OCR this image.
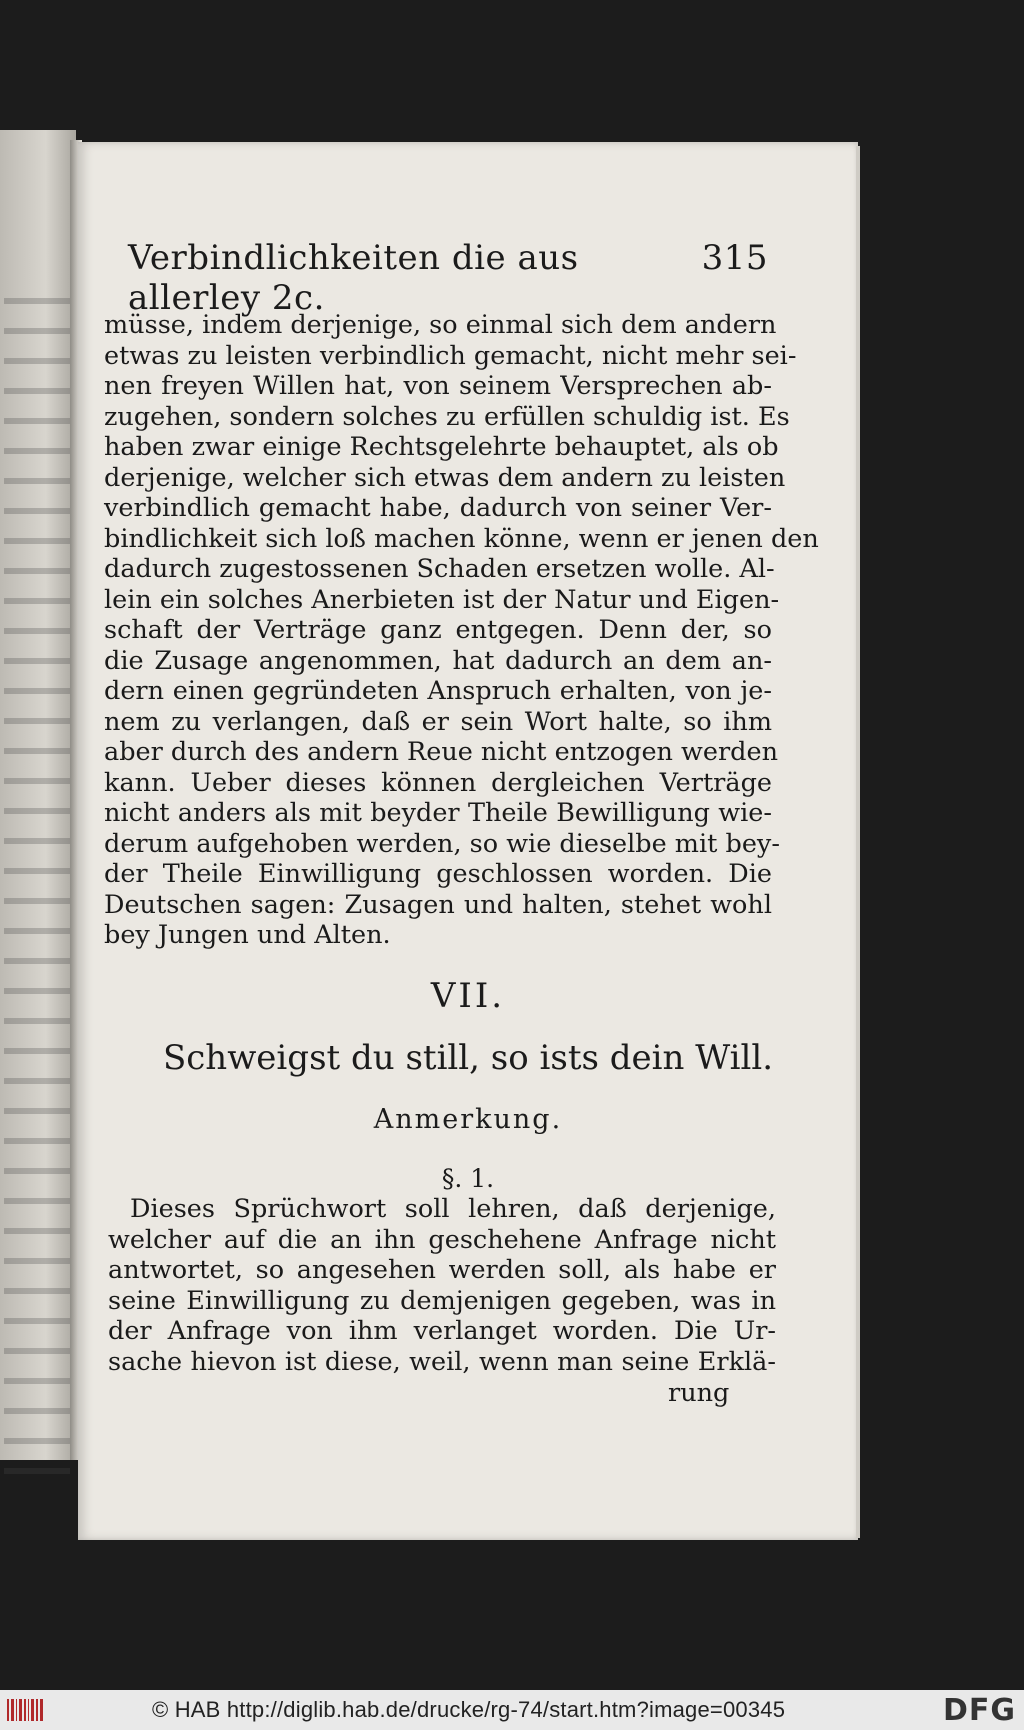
Verbindlichkeiten die aus allerley 2c.
315
müsse, indem derjenige, so einmal sich dem andern
etwas zu leisten verbindlich gemacht, nicht mehr sei-
nen freyen Willen hat, von seinem Versprechen ab-
zugehen, sondern solches zu erfüllen schuldig ist. Es
haben zwar einige Rechtsgelehrte behauptet, als ob
derjenige, welcher sich etwas dem andern zu leisten
verbindlich gemacht habe, dadurch von seiner Ver-
bindlichkeit sich loß machen könne, wenn er jenen den
dadurch zugestossenen Schaden ersetzen wolle. Al-
lein ein solches Anerbieten ist der Natur und Eigen-
schaft der Verträge ganz entgegen. Denn der, so
die Zusage angenommen, hat dadurch an dem an-
dern einen gegründeten Anspruch erhalten, von je-
nem zu verlangen, daß er sein Wort halte, so ihm
aber durch des andern Reue nicht entzogen werden
kann. Ueber dieses können dergleichen Verträge
nicht anders als mit beyder Theile Bewilligung wie-
derum aufgehoben werden, so wie dieselbe mit bey-
der Theile Einwilligung geschlossen worden. Die
Deutschen sagen: Zusagen und halten, stehet wohl
bey Jungen und Alten.
VII.
Schweigst du still, so ists dein Will.
Anmerkung.
§. 1.
Dieses Sprüchwort soll lehren, daß derjenige,
welcher auf die an ihn geschehene Anfrage nicht
antwortet, so angesehen werden soll, als habe er
seine Einwilligung zu demjenigen gegeben, was in
der Anfrage von ihm verlanget worden. Die Ur-
sache hievon ist diese, weil, wenn man seine Erklä-
rung
© HAB http://diglib.hab.de/drucke/rg-74/start.htm?image=00345	DFG
